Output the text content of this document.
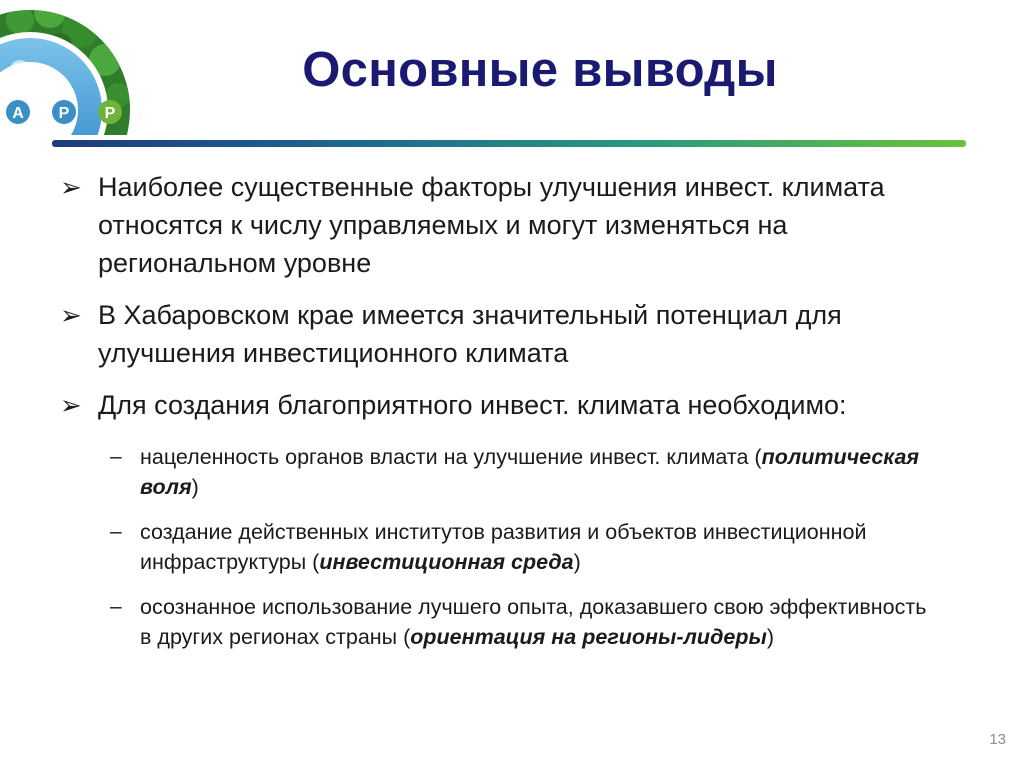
A P P
Основные выводы
➢ Наиболее существенные факторы улучшения инвест. климата относятся к числу управляемых и могут изменяться на региональном уровне
➢ В Хабаровском крае имеется значительный потенциал для улучшения инвестиционного климата
➢ Для создания благоприятного инвест. климата необходимо:
– нацеленность органов власти на улучшение инвест. климата (политическая воля)
– создание действенных институтов развития и объектов инвестиционной инфраструктуры (инвестиционная среда)
– осознанное использование лучшего опыта, доказавшего свою эффективность в других регионах страны (ориентация на регионы-лидеры)
13
